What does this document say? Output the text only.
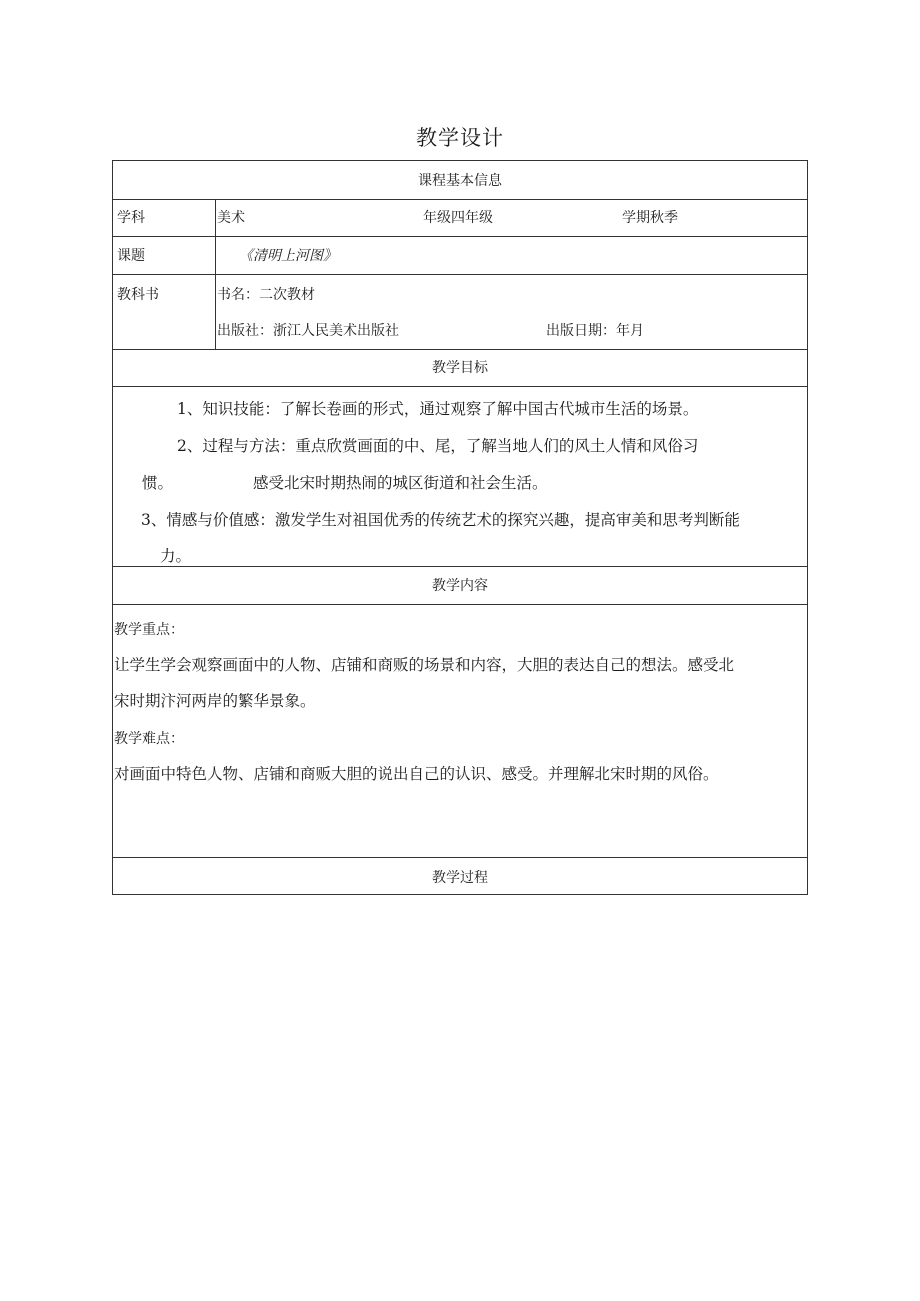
教学设计
课程基本信息
学科	美术	年级四年级	学期秋季
课题	《清明上河图》
教科书	书名：二次教材
出版社：浙江人民美术出版社	出版日期：年月
教学目标
1、知识技能：了解长卷画的形式，通过观察了解中国古代城市生活的场景。
2、过程与方法：重点欣赏画面的中、尾，了解当地人们的风土人情和风俗习
惯。	感受北宋时期热闹的城区街道和社会生活。
3、情感与价值感：激发学生对祖国优秀的传统艺术的探究兴趣，提高审美和思考判断能
力。
教学内容
教学重点：
让学生学会观察画面中的人物、店铺和商贩的场景和内容，大胆的表达自己的想法。感受北
宋时期汴河两岸的繁华景象。
教学难点：
对画面中特色人物、店铺和商贩大胆的说出自己的认识、感受。并理解北宋时期的风俗。
教学过程
